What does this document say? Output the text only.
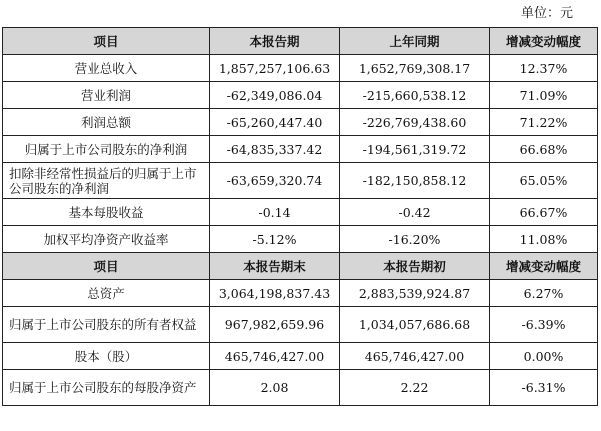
单位：元
项目	本报告期	上年同期	增减变动幅度
营业总收入	1,857,257,106.63	1,652,769,308.17	12.37%
营业利润	-62,349,086.04	-215,660,538.12	71.09%
利润总额	-65,260,447.40	-226,769,438.60	71.22%
归属于上市公司股东的净利润	-64,835,337.42	-194,561,319.72	66.68%
扣除非经常性损益后的归属于上市公司股东的净利润	-63,659,320.74	-182,150,858.12	65.05%
基本每股收益	-0.14	-0.42	66.67%
加权平均净资产收益率	-5.12%	-16.20%	11.08%
项目	本报告期末	本报告期初	增减变动幅度
总资产	3,064,198,837.43	2,883,539,924.87	6.27%
归属于上市公司股东的所有者权益	967,982,659.96	1,034,057,686.68	-6.39%
股本（股）	465,746,427.00	465,746,427.00	0.00%
归属于上市公司股东的每股净资产	2.08	2.22	-6.31%
